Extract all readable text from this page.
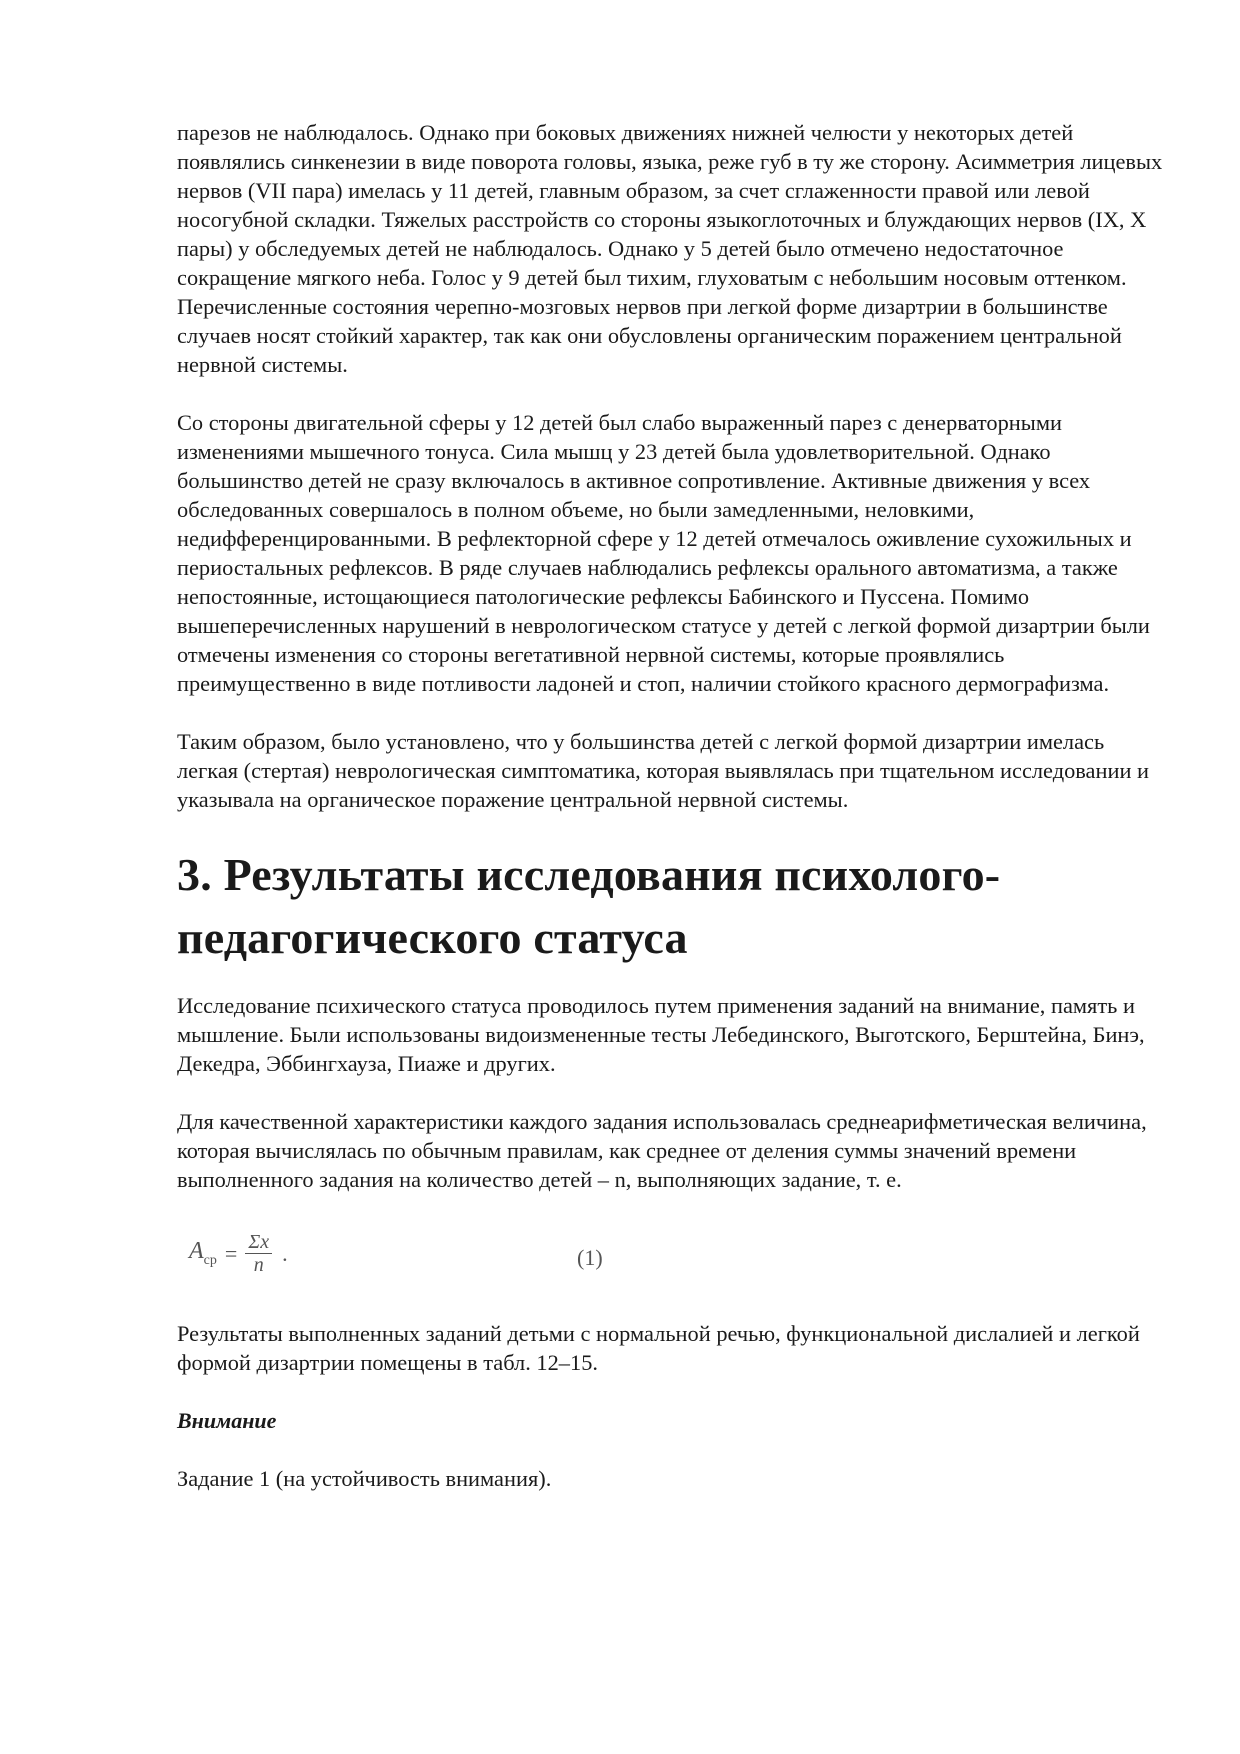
парезов не наблюдалось. Однако при боковых движениях нижней челюсти у некоторых детей появлялись синкенезии в виде поворота головы, языка, реже губ в ту же сторону. Асимметрия лицевых нервов (VII пара) имелась у 11 детей, главным образом, за счет сглаженности правой или левой носогубной складки. Тяжелых расстройств со стороны языкоглоточных и блуждающих нервов (IX, X пары) у обследуемых детей не наблюдалось. Однако у 5 детей было отмечено недостаточное сокращение мягкого неба. Голос у 9 детей был тихим, глуховатым с небольшим носовым оттенком. Перечисленные состояния черепно-мозговых нервов при легкой форме дизартрии в большинстве случаев носят стойкий характер, так как они обусловлены органическим поражением центральной нервной системы.

Со стороны двигательной сферы у 12 детей был слабо выраженный парез с денерваторными изменениями мышечного тонуса. Сила мышц у 23 детей была удовлетворительной. Однако большинство детей не сразу включалось в активное сопротивление. Активные движения у всех обследованных совершалось в полном объеме, но были замедленными, неловкими, недифференцированными. В рефлекторной сфере у 12 детей отмечалось оживление сухожильных и периостальных рефлексов. В ряде случаев наблюдались рефлексы орального автоматизма, а также непостоянные, истощающиеся патологические рефлексы Бабинского и Пуссена. Помимо вышеперечисленных нарушений в неврологическом статусе у детей с легкой формой дизартрии были отмечены изменения со стороны вегетативной нервной системы, которые проявлялись преимущественно в виде потливости ладоней и стоп, наличии стойкого красного дермографизма.

Таким образом, было установлено, что у большинства детей с легкой формой дизартрии имелась легкая (стертая) неврологическая симптоматика, которая выявлялась при тщательном исследовании и указывала на органическое поражение центральной нервной системы.

3. Результаты исследования психолого-педагогического статуса

Исследование психического статуса проводилось путем применения заданий на внимание, память и мышление. Были использованы видоизмененные тесты Лебединского, Выготского, Берштейна, Бинэ, Декедра, Эббингхауза, Пиаже и других.

Для качественной характеристики каждого задания использовалась среднеарифметическая величина, которая вычислялась по обычным правилам, как среднее от деления суммы значений времени выполненного задания на количество детей – n, выполняющих задание, т. е.

$A_{ср} = \frac{\Sigma x}{n}$ .	(1)

Результаты выполненных заданий детьми с нормальной речью, функциональной дислалией и легкой формой дизартрии помещены в табл. 12–15.

Внимание

Задание 1 (на устойчивость внимания).
